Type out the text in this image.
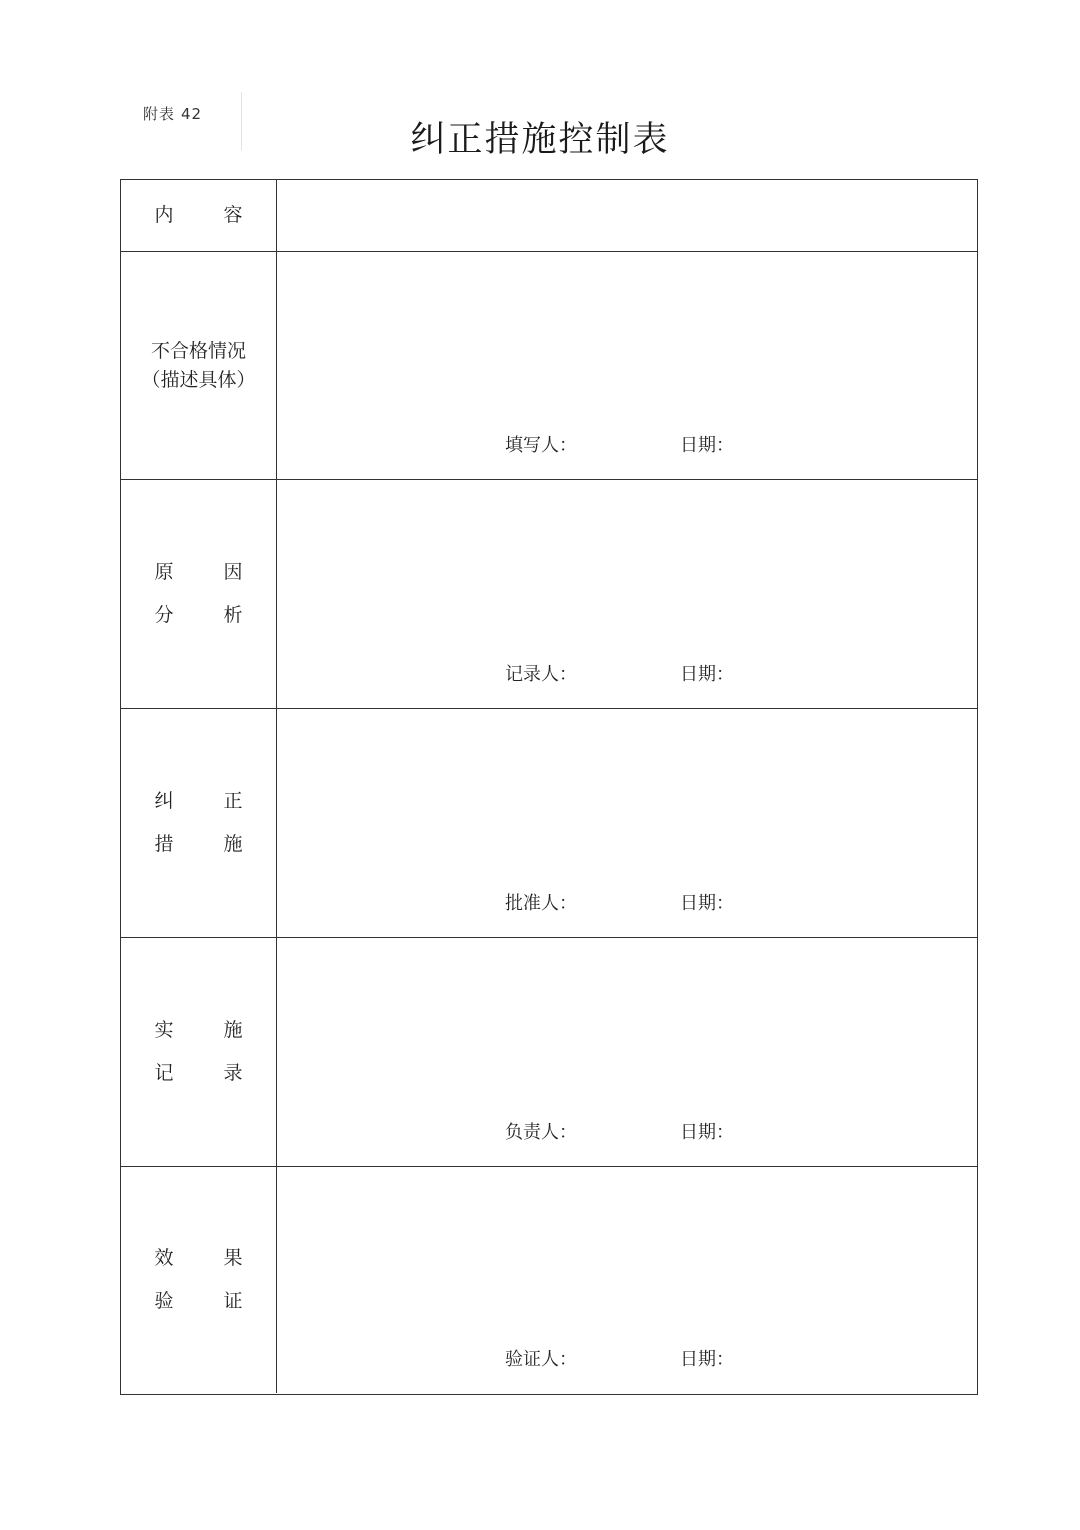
附表 42
纠正措施控制表
内 容
不合格情况
（描述具体）
填写人：	日期：
原 因
分 析
记录人：	日期：
纠 正
措 施
批准人：	日期：
实 施
记 录
负责人：	日期：
效 果
验 证
验证人：	日期：
